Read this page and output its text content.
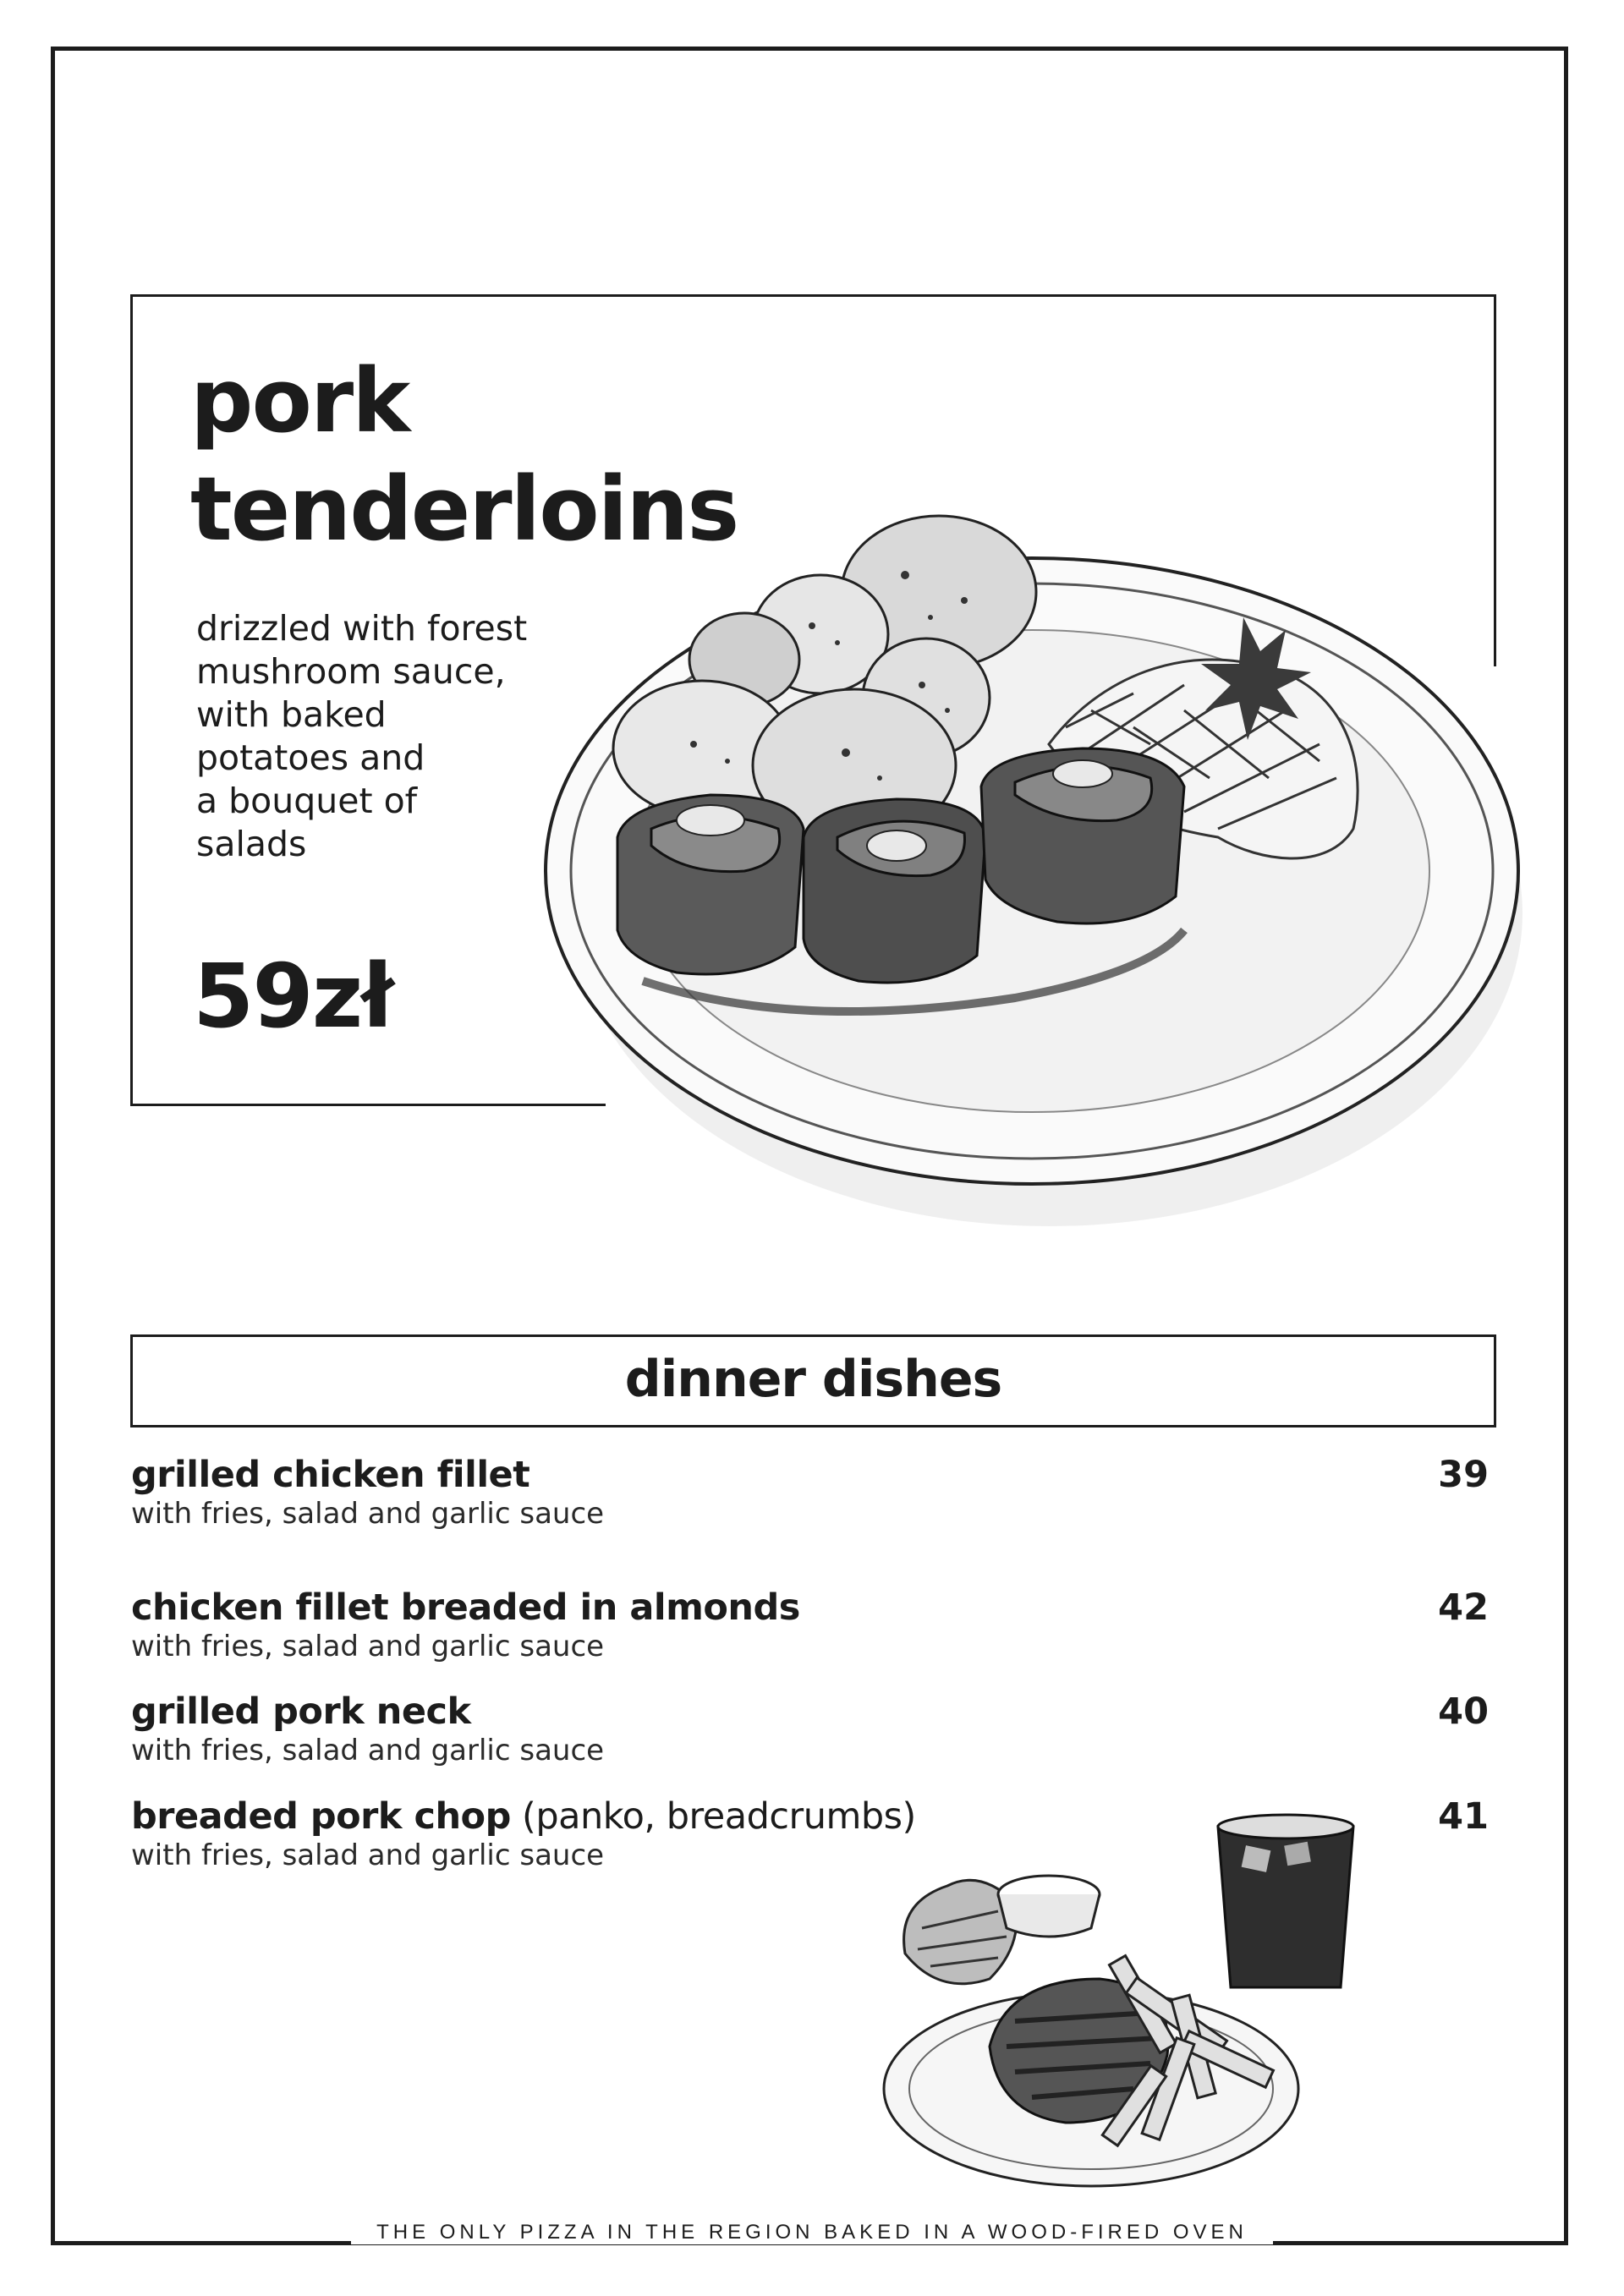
pork
tenderloins
drizzled with forest
mushroom sauce,
with baked
potatoes and
a bouquet of
salads
59zł
dinner dishes
grilled chicken fillet
with fries, salad and garlic sauce
39
chicken fillet breaded in almonds
with fries, salad and garlic sauce
42
grilled pork neck
with fries, salad and garlic sauce
40
breaded pork chop (panko, breadcrumbs)
with fries, salad and garlic sauce
41
THE ONLY PIZZA IN THE REGION BAKED IN A WOOD-FIRED OVEN
